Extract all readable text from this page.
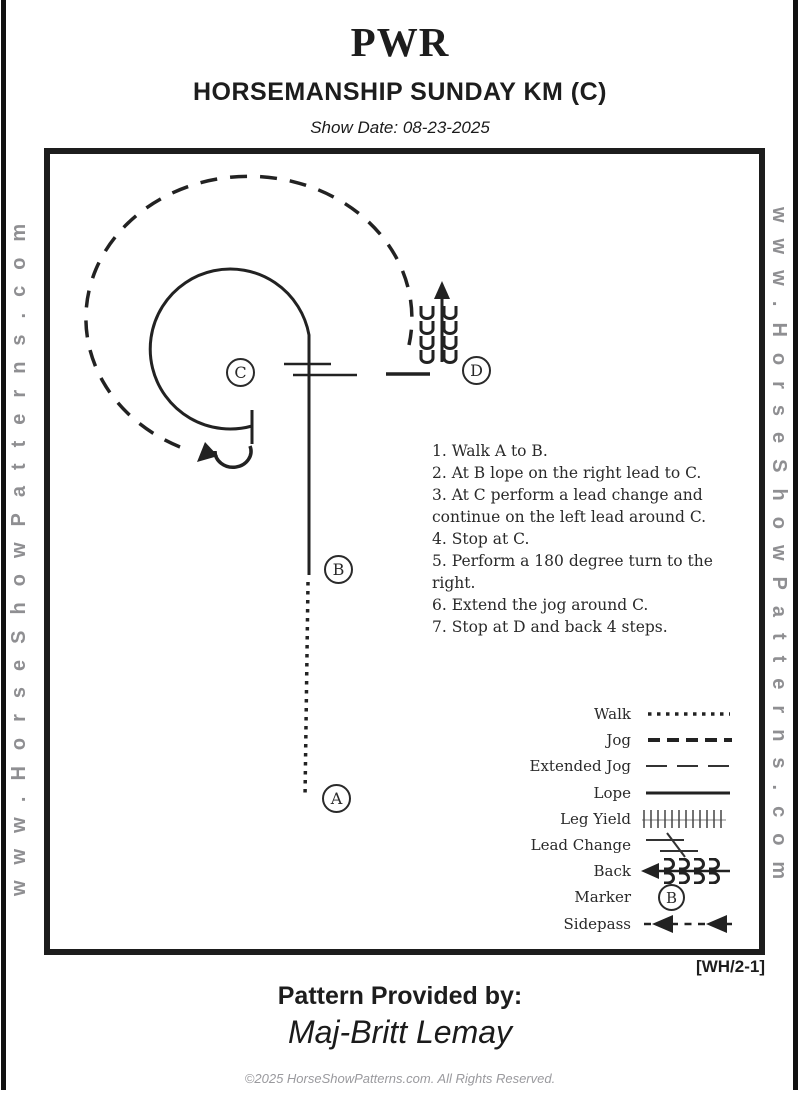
PWR
HORSEMANSHIP SUNDAY KM (C)
Show Date: 08-23-2025
www.HorseShowPatterns.com	www.HorseShowPatterns.com
A
B
C	D
1. Walk A to B.
2. At B lope on the right lead to C.
3. At C perform a lead change and continue on the left lead around C.
4. Stop at C.
5. Perform a 180 degree turn to the right.
6. Extend the jog around C.
7. Stop at D and back 4 steps.
Walk
Jog
Extended Jog
Lope
Leg Yield
Lead Change
Back
Marker	B
Sidepass
[WH/2-1]
Pattern Provided by:
Maj-Britt Lemay
©2025 HorseShowPatterns.com. All Rights Reserved.
